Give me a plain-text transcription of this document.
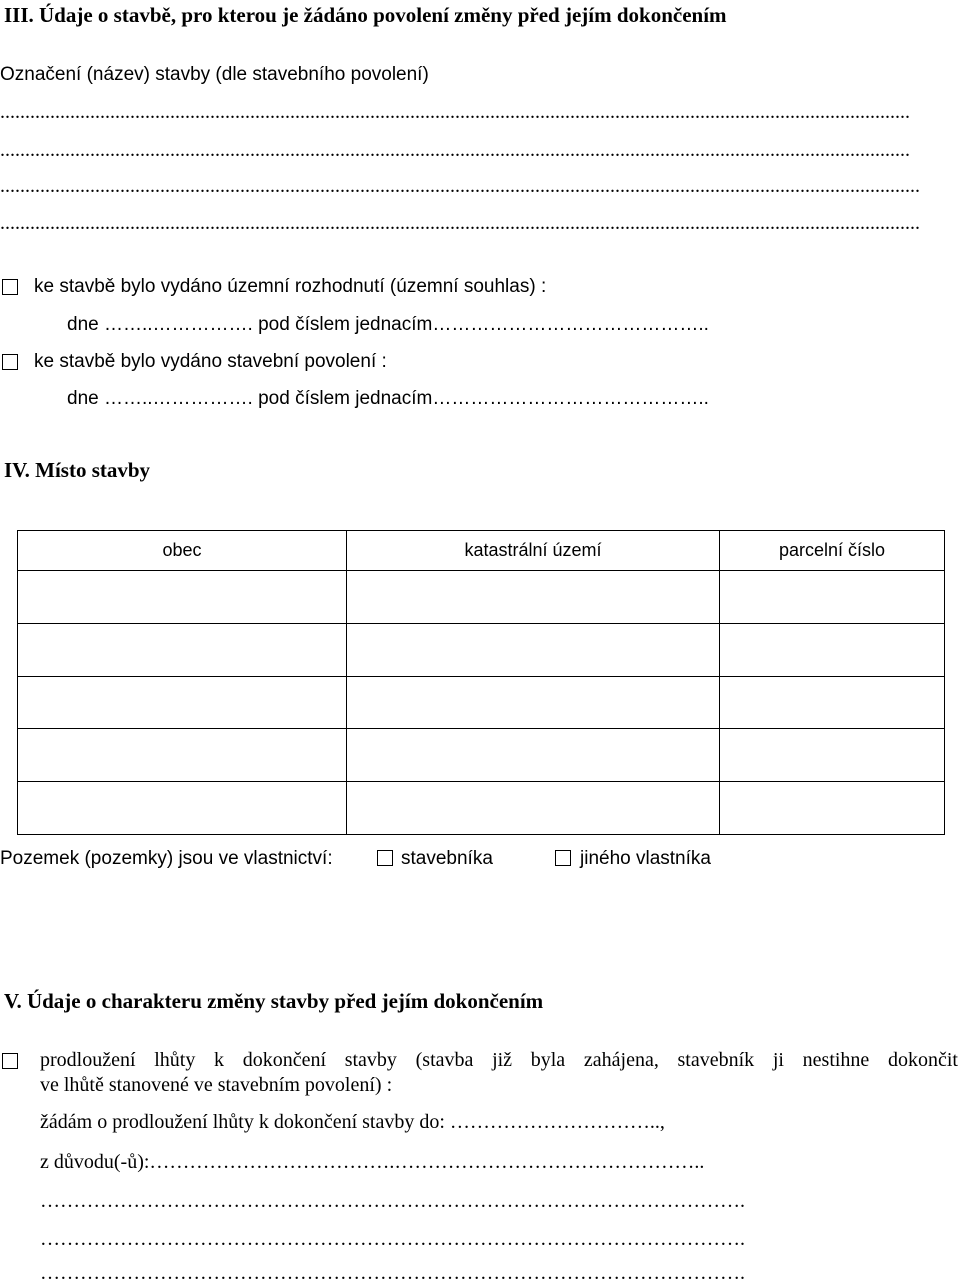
III. Údaje o stavbě, pro kterou je žádáno povolení změny před jejím dokončením
Označení (název) stavby (dle stavebního povolení)
......................................................................................................................................................................................
......................................................................................................................................................................................
........................................................................................................................................................................................
........................................................................................................................................................................................
ke stavbě bylo vydáno územní rozhodnutí (územní souhlas) :
dne ……..……………. pod číslem jednacím……………………………………..
ke stavbě bylo vydáno stavební povolení :
dne ……..……………. pod číslem jednacím……………………………………..
IV. Místo stavby
obec	katastrální území	parcelní číslo

Pozemek (pozemky) jsou ve vlastnictví:	stavebníka	jiného vlastníka
V. Údaje o charakteru změny stavby před jejím dokončením
prodloužení lhůty k dokončení stavby (stavba již byla zahájena, stavebník ji nestihne dokončit
ve lhůtě stanovené ve stavebním povolení) :
žádám o prodloužení lhůty k dokončení stavby do: …………………………..,
z důvodu(-ů):……………………………….………………………………………..
…………………………………………………………………………………………….
…………………………………………………………………………………………….
…………………………………………………………………………………………….
